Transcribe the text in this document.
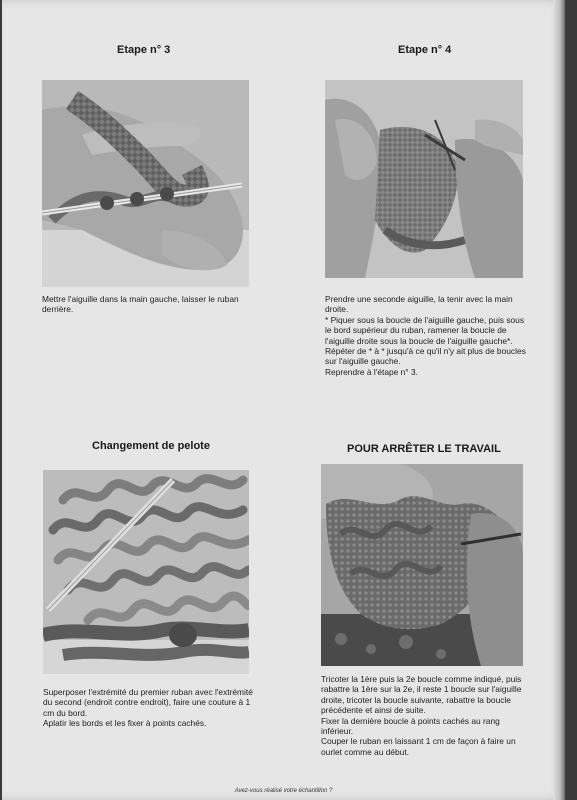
Etape n° 3

Mettre l'aiguille dans la main gauche, laisser le ruban derrière.

Etape n° 4

Prendre une seconde aiguille, la tenir avec la main droite.

* Piquer sous la boucle de l'aiguille gauche, puis sous le bord supérieur du ruban, ramener la boucle de l'aiguille droite sous la boucle de l'aiguille gauche*.

Répéter de * à * jusqu'à ce qu'il n'y ait plus de boucles sur l'aiguille gauche.

Reprendre à l'étape n° 3.

Changement de pelote

Superposer l'extrémité du premier ruban avec l'extrémité du second (endroit contre endroit), faire une couture à 1 cm du bord.

Aplatir les bords et les fixer à points cachés.

POUR ARRÊTER LE TRAVAIL

Tricoter la 1ère puis la 2e boucle comme indiqué, puis rabattre la 1ère sur la 2e, il reste 1 boucle sur l'aiguille droite, tricoter la boucle suivante, rabattre la boucle précédente et ainsi de suite.

Fixer la dernière boucle à points cachés au rang inférieur.

Couper le ruban en laissant 1 cm de façon à faire un ourlet comme au début.

Avez-vous réalisé votre échantillon ?
